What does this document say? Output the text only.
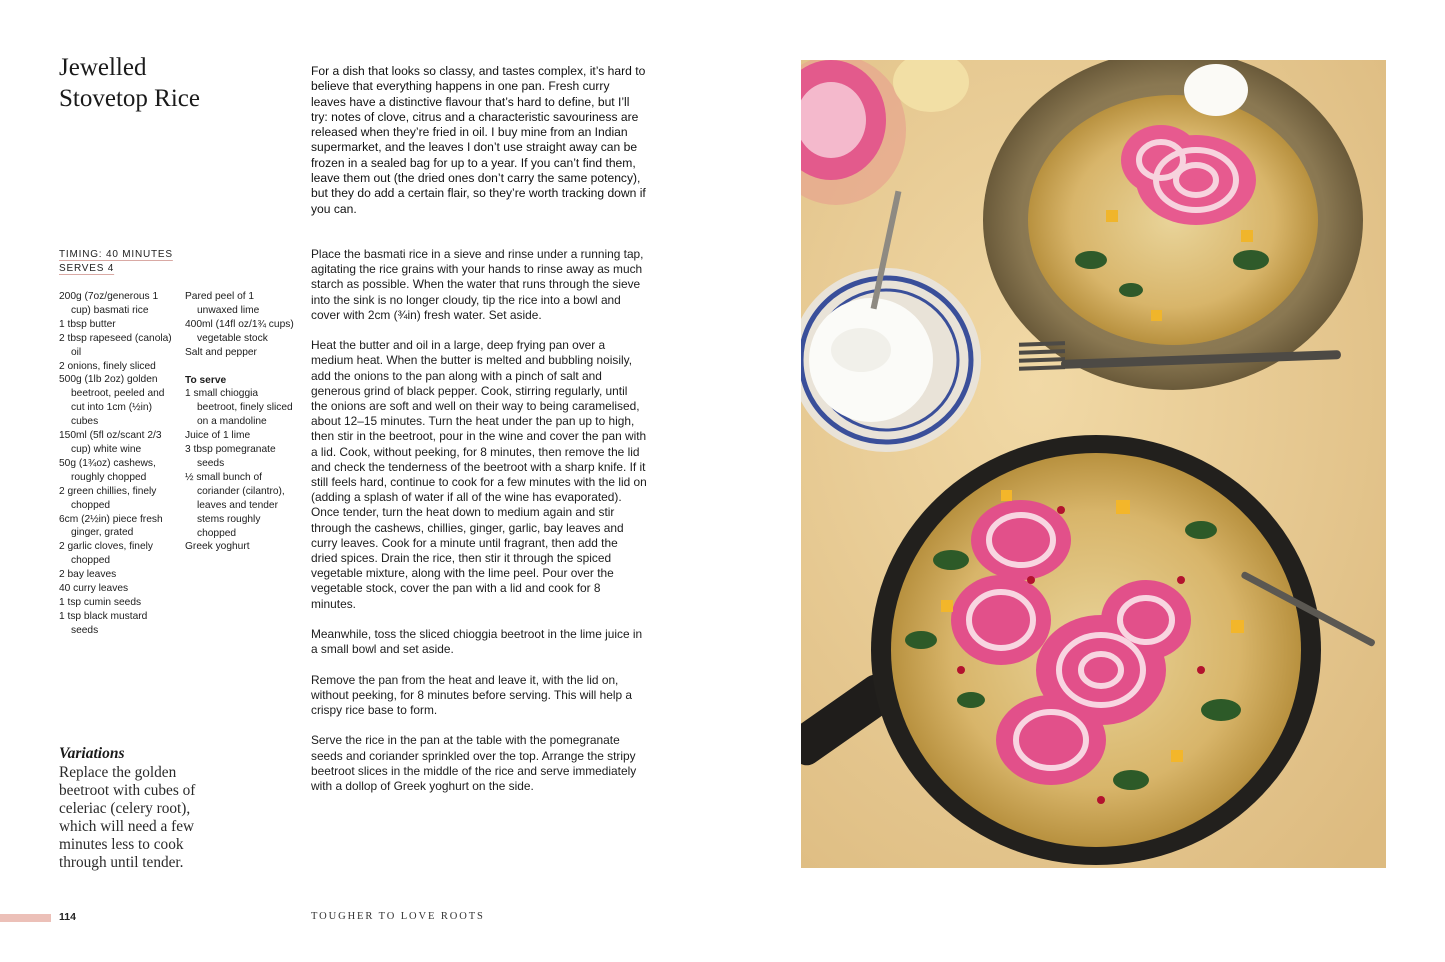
Jewelled
Stovetop Rice

For a dish that looks so classy, and tastes complex, it’s hard to believe that everything happens in one pan. Fresh curry leaves have a distinctive flavour that’s hard to define, but I’ll try: notes of clove, citrus and a characteristic savouriness are released when they’re fried in oil. I buy mine from an Indian supermarket, and the leaves I don’t use straight away can be frozen in a sealed bag for up to a year. If you can’t find them, leave them out (the dried ones don’t carry the same potency), but they do add a certain flair, so they’re worth tracking down if you can.

TIMING: 40 MINUTES
SERVES 4

200g (7oz/generous 1 cup) basmati rice

1 tbsp butter

2 tbsp rapeseed (canola) oil

2 onions, finely sliced

500g (1lb 2oz) golden beetroot, peeled and cut into 1cm (½in) cubes

150ml (5fl oz/scant 2/3 cup) white wine

50g (1¾oz) cashews, roughly chopped

2 green chillies, finely chopped

6cm (2½in) piece fresh ginger, grated

2 garlic cloves, finely chopped

2 bay leaves

40 curry leaves

1 tsp cumin seeds

1 tsp black mustard seeds

Pared peel of 1 unwaxed lime

400ml (14fl oz/1¾ cups) vegetable stock

Salt and pepper

To serve

1 small chioggia beetroot, finely sliced on a mandoline

Juice of 1 lime

3 tbsp pomegranate seeds

½ small bunch of coriander (cilantro), leaves and tender stems roughly chopped

Greek yoghurt

Place the basmati rice in a sieve and rinse under a running tap, agitating the rice grains with your hands to rinse away as much starch as possible. When the water that runs through the sieve into the sink is no longer cloudy, tip the rice into a bowl and cover with 2cm (¾in) fresh water. Set aside.

Heat the butter and oil in a large, deep frying pan over a medium heat. When the butter is melted and bubbling noisily, add the onions to the pan along with a pinch of salt and generous grind of black pepper. Cook, stirring regularly, until the onions are soft and well on their way to being caramelised, about 12–15 minutes. Turn the heat under the pan up to high, then stir in the beetroot, pour in the wine and cover the pan with a lid. Cook, without peeking, for 8 minutes, then remove the lid and check the tenderness of the beetroot with a sharp knife. If it still feels hard, continue to cook for a few minutes with the lid on (adding a splash of water if all of the wine has evaporated). Once tender, turn the heat down to medium again and stir through the cashews, chillies, ginger, garlic, bay leaves and curry leaves. Cook for a minute until fragrant, then add the dried spices. Drain the rice, then stir it through the spiced vegetable mixture, along with the lime peel. Pour over the vegetable stock, cover the pan with a lid and cook for 8 minutes.

Meanwhile, toss the sliced chioggia beetroot in the lime juice in a small bowl and set aside.

Remove the pan from the heat and leave it, with the lid on, without peeking, for 8 minutes before serving. This will help a crispy rice base to form.

Serve the rice in the pan at the table with the pomegranate seeds and coriander sprinkled over the top. Arrange the stripy beetroot slices in the middle of the rice and serve immediately with a dollop of Greek yoghurt on the side.

Variations

Replace the golden beetroot with cubes of celeriac (celery root), which will need a few minutes less to cook through until tender.

114	TOUGHER TO LOVE ROOTS
